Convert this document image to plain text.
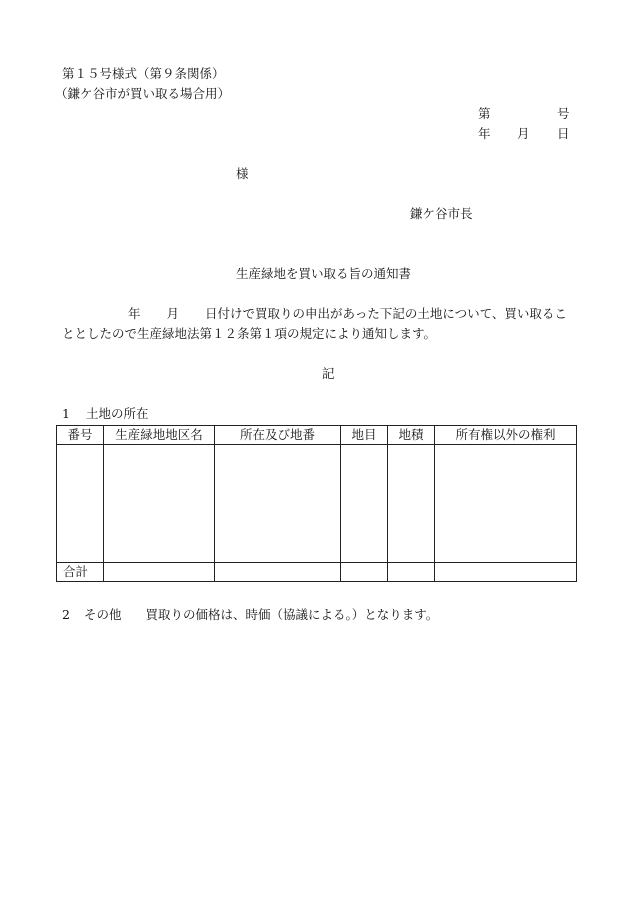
第１５号様式（第９条関係）
（鎌ケ谷市が買い取る場合用）
第	号
年 月 日
様
鎌ケ谷市長
生産緑地を買い取る旨の通知書
年 月 日付けで買取りの申出があった下記の土地について、買い取るこ
ととしたので生産緑地法第１２条第１項の規定により通知します。
記
1 土地の所在
番号	生産緑地地区名	所在及び地番	地目	地積	所有権以外の権利

合計					
2 その他 買取りの価格は、時価（協議による。）となります。
